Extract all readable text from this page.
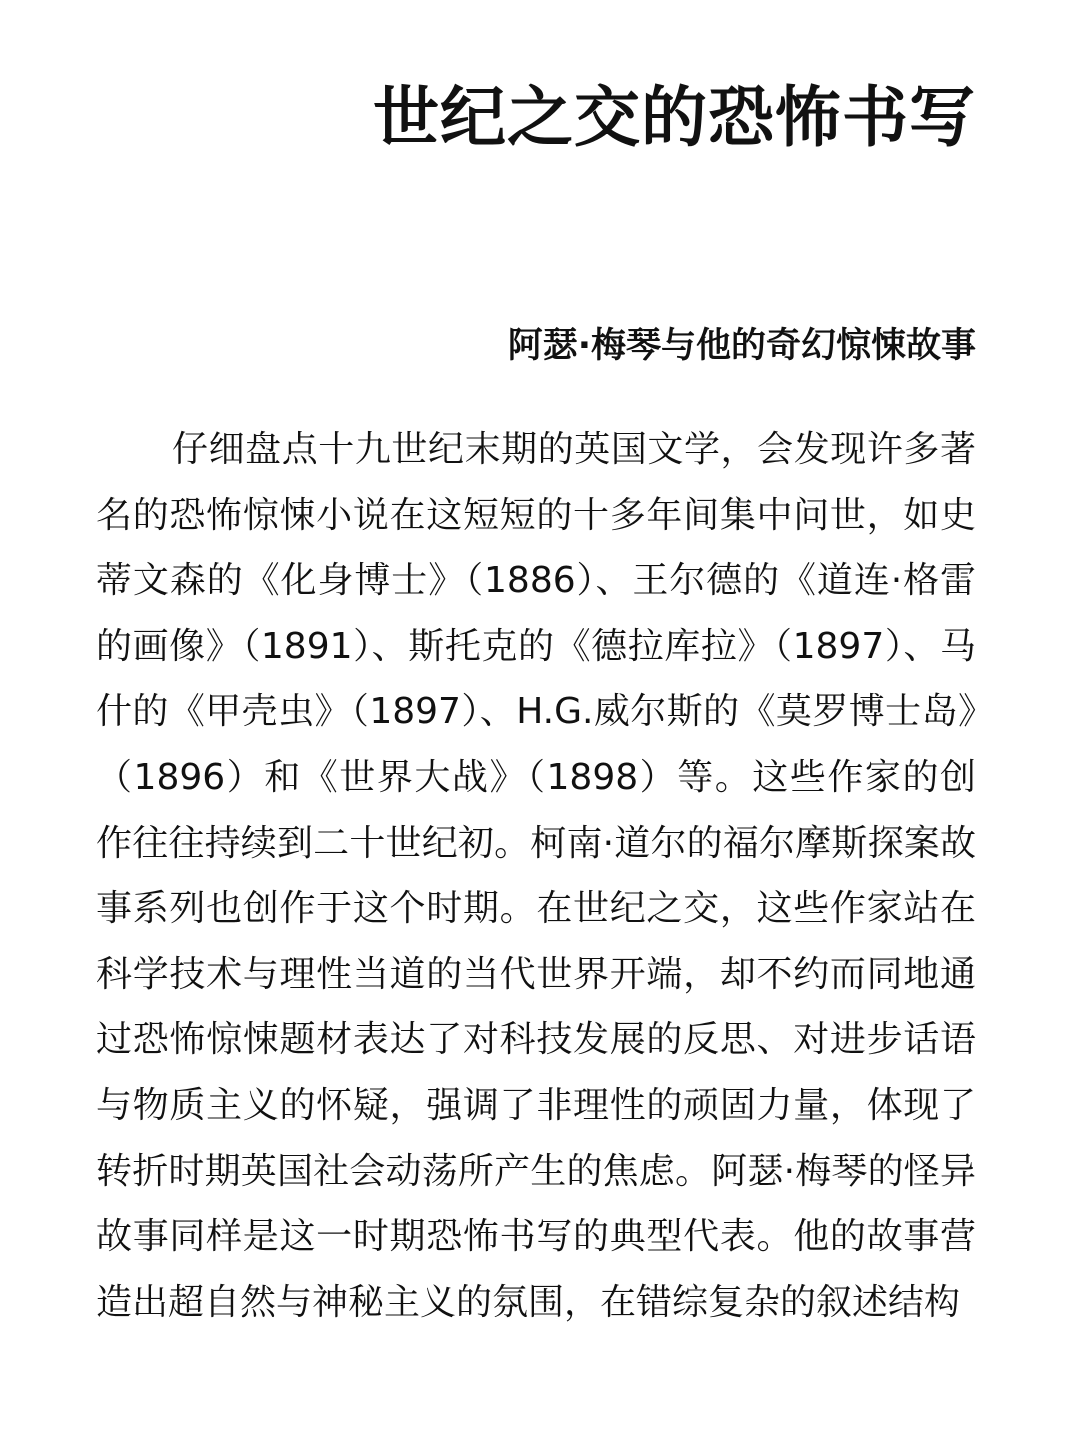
世纪之交的恐怖书写
阿瑟·梅琴与他的奇幻惊悚故事

仔细盘点十九世纪末期的英国文学，会发现许多著名的恐怖惊悚小说在这短短的十多年间集中问世，如史蒂文森的《化身博士》（1886）、王尔德的《道连·格雷的画像》（1891）、斯托克的《德拉库拉》（1897）、马什的《甲壳虫》（1897）、H.G.威尔斯的《莫罗博士岛》（1896）和《世界大战》（1898）等。这些作家的创作往往持续到二十世纪初。柯南·道尔的福尔摩斯探案故事系列也创作于这个时期。在世纪之交，这些作家站在科学技术与理性当道的当代世界开端，却不约而同地通过恐怖惊悚题材表达了对科技发展的反思、对进步话语与物质主义的怀疑，强调了非理性的顽固力量，体现了转折时期英国社会动荡所产生的焦虑。阿瑟·梅琴的怪异故事同样是这一时期恐怖书写的典型代表。他的故事营造出超自然与神秘主义的氛围，在错综复杂的叙述结构
